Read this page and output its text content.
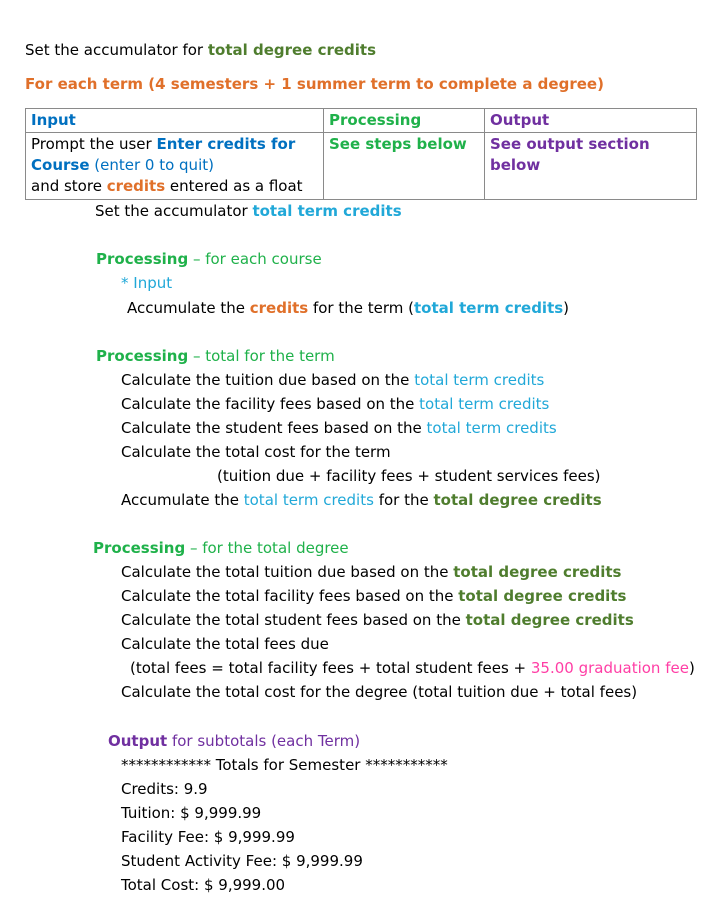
Set the accumulator for total degree credits
For each term (4 semesters + 1 summer term to complete a degree)
Input	Processing	Output

Prompt the user Enter credits for
Course (enter 0 to quit)
and store credits entered as a float	See steps below	See output section below
Set the accumulator total term credits
Processing – for each course
* Input
Accumulate the credits for the term (total term credits)
Processing – total for the term
Calculate the tuition due based on the total term credits
Calculate the facility fees based on the total term credits
Calculate the student fees based on the total term credits
Calculate the total cost for the term
(tuition due + facility fees + student services fees)
Accumulate the total term credits for the total degree credits
Processing – for the total degree
Calculate the total tuition due based on the total degree credits
Calculate the total facility fees based on the total degree credits
Calculate the total student fees based on the total degree credits
Calculate the total fees due
(total fees = total facility fees + total student fees + 35.00 graduation fee)
Calculate the total cost for the degree (total tuition due + total fees)
Output for subtotals (each Term)
************ Totals for Semester ***********
Credits: 9.9
Tuition: $ 9,999.99
Facility Fee: $ 9,999.99
Student Activity Fee: $ 9,999.99
Total Cost: $ 9,999.00
